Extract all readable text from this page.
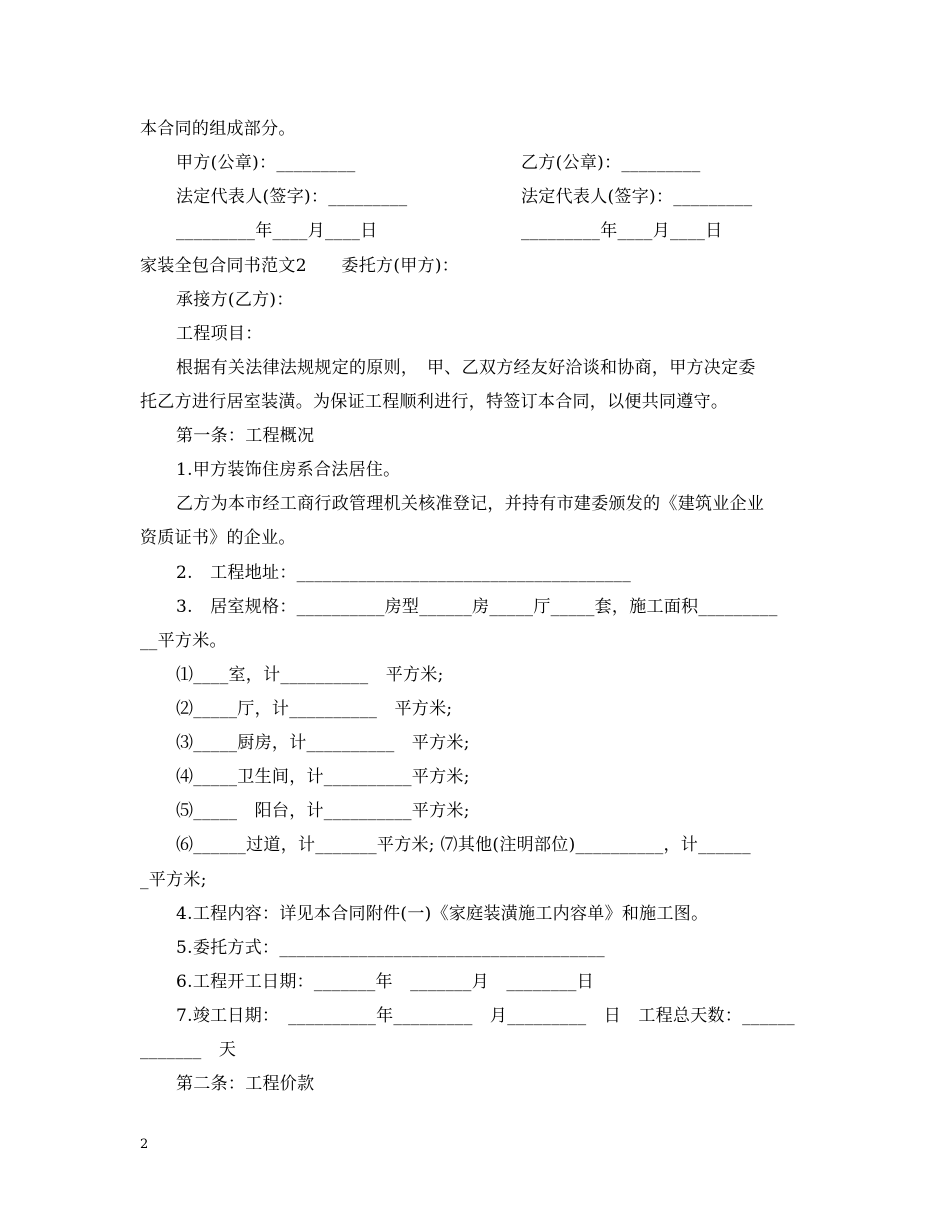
本合同的组成部分。
甲方(公章)：_________	乙方(公章)：_________
法定代表人(签字)：_________	法定代表人(签字)：_________
_________年____月____日	_________年____月____日
家装全包合同书范文2　　委托方(甲方)：
承接方(乙方)：
工程项目：
根据有关法律法规规定的原则，　甲、乙双方经友好洽谈和协商，甲方决定委
托乙方进行居室装潢。为保证工程顺利进行，特签订本合同，以便共同遵守。
第一条：工程概况
1.甲方装饰住房系合法居住。
乙方为本市经工商行政管理机关核准登记，并持有市建委颁发的《建筑业企业
资质证书》的企业。
2.　工程地址：______________________________________
3.　居室规格：__________房型______房_____厅_____套，施工面积_________
__平方米。
⑴____室，计__________　平方米;
⑵_____厅，计__________　平方米;
⑶_____厨房，计__________　平方米;
⑷_____卫生间，计__________平方米;
⑸_____　阳台，计__________平方米;
⑹______过道，计_______平方米; ⑺其他(注明部位)__________，计______
_平方米;
4.工程内容：详见本合同附件(一)《家庭装潢施工内容单》和施工图。
5.委托方式：_____________________________________
6.工程开工日期：_______年　_______月　________日
7.竣工日期：　__________年_________　月_________　日　工程总天数：______
_______　天
第二条：工程价款
2
